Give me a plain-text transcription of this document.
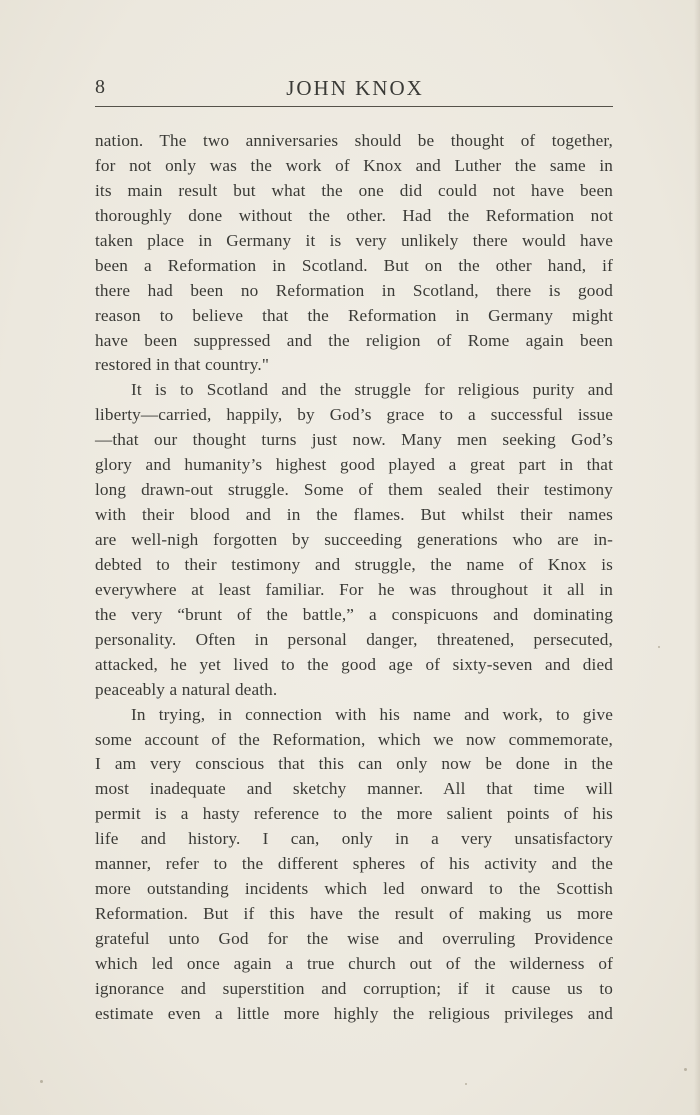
8	JOHN KNOX
nation. The two anniversaries should be thought of together,
for not only was the work of Knox and Luther the same in
its main result but what the one did could not have been
thoroughly done without the other. Had the Reformation not
taken place in Germany it is very unlikely there would have
been a Reformation in Scotland. But on the other hand, if
there had been no Reformation in Scotland, there is good
reason to believe that the Reformation in Germany might
have been suppressed and the religion of Rome again been
restored in that country."
It is to Scotland and the struggle for religious purity and
liberty—carried, happily, by God’s grace to a successful issue
—that our thought turns just now. Many men seeking God’s
glory and humanity’s highest good played a great part in that
long drawn-out struggle. Some of them sealed their testimony
with their blood and in the flames. But whilst their names
are well-nigh forgotten by succeeding generations who are in-
debted to their testimony and struggle, the name of Knox is
everywhere at least familiar. For he was throughout it all in
the very “brunt of the battle,” a conspicuons and dominating
personality. Often in personal danger, threatened, persecuted,
attacked, he yet lived to the good age of sixty-seven and died
peaceably a natural death.
In trying, in connection with his name and work, to give
some account of the Reformation, which we now commemorate,
I am very conscious that this can only now be done in the
most inadequate and sketchy manner. All that time will
permit is a hasty reference to the more salient points of his
life and history. I can, only in a very unsatisfactory
manner, refer to the different spheres of his activity and the
more outstanding incidents which led onward to the Scottish
Reformation. But if this have the result of making us more
grateful unto God for the wise and overruling Providence
which led once again a true church out of the wilderness of
ignorance and superstition and corruption; if it cause us to
estimate even a little more highly the religious privileges and
